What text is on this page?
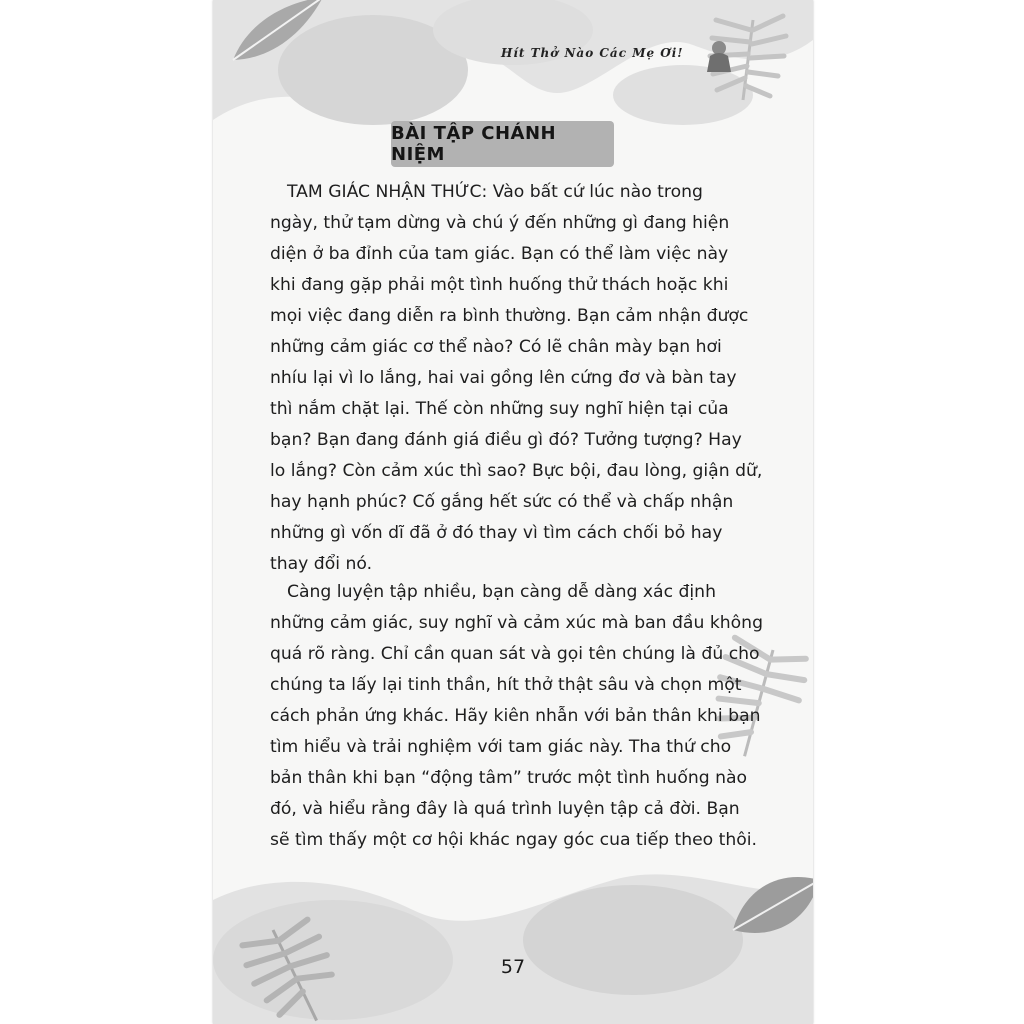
Hít Thở Nào Các Mẹ Ơi!
BÀI TẬP CHÁNH NIỆM
TAM GIÁC NHẬN THỨC: Vào bất cứ lúc nào trong
ngày, thử tạm dừng và chú ý đến những gì đang hiện
diện ở ba đỉnh của tam giác. Bạn có thể làm việc này
khi đang gặp phải một tình huống thử thách hoặc khi
mọi việc đang diễn ra bình thường. Bạn cảm nhận được
những cảm giác cơ thể nào? Có lẽ chân mày bạn hơi
nhíu lại vì lo lắng, hai vai gồng lên cứng đơ và bàn tay
thì nắm chặt lại. Thế còn những suy nghĩ hiện tại của
bạn? Bạn đang đánh giá điều gì đó? Tưởng tượng? Hay
lo lắng? Còn cảm xúc thì sao? Bực bội, đau lòng, giận dữ,
hay hạnh phúc? Cố gắng hết sức có thể và chấp nhận
những gì vốn dĩ đã ở đó thay vì tìm cách chối bỏ hay
thay đổi nó.
Càng luyện tập nhiều, bạn càng dễ dàng xác định
những cảm giác, suy nghĩ và cảm xúc mà ban đầu không
quá rõ ràng. Chỉ cần quan sát và gọi tên chúng là đủ cho
chúng ta lấy lại tinh thần, hít thở thật sâu và chọn một
cách phản ứng khác. Hãy kiên nhẫn với bản thân khi bạn
tìm hiểu và trải nghiệm với tam giác này. Tha thứ cho
bản thân khi bạn “động tâm” trước một tình huống nào
đó, và hiểu rằng đây là quá trình luyện tập cả đời. Bạn
sẽ tìm thấy một cơ hội khác ngay góc cua tiếp theo thôi.
57
